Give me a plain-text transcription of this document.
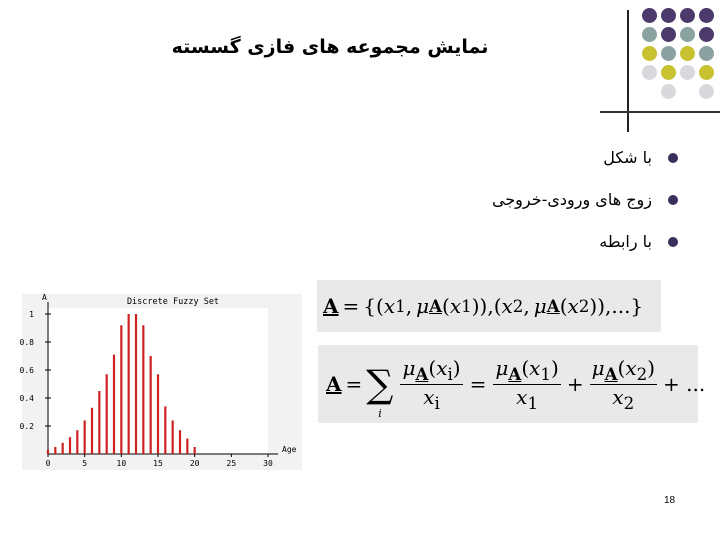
نمایش مجموعه های فازی گسسته
با شکل
زوج های ورودی-خروجی
با رابطه
A = {( x 1 , μ A ( x 1 ) ),( x 2 , μ A ( x 2 ) ),...}
A = ∑
i
$\frac{\mu_A(x_i)}{x_i} = \frac{\mu_A(x_1)}{x_1} + \frac{\mu_A(x_2)}{x_2}$ + ...
0.2
0.4
0.6
0.8
1
0	5	10	15	20	25	30
Discrete Fuzzy Set
A
Age
18
